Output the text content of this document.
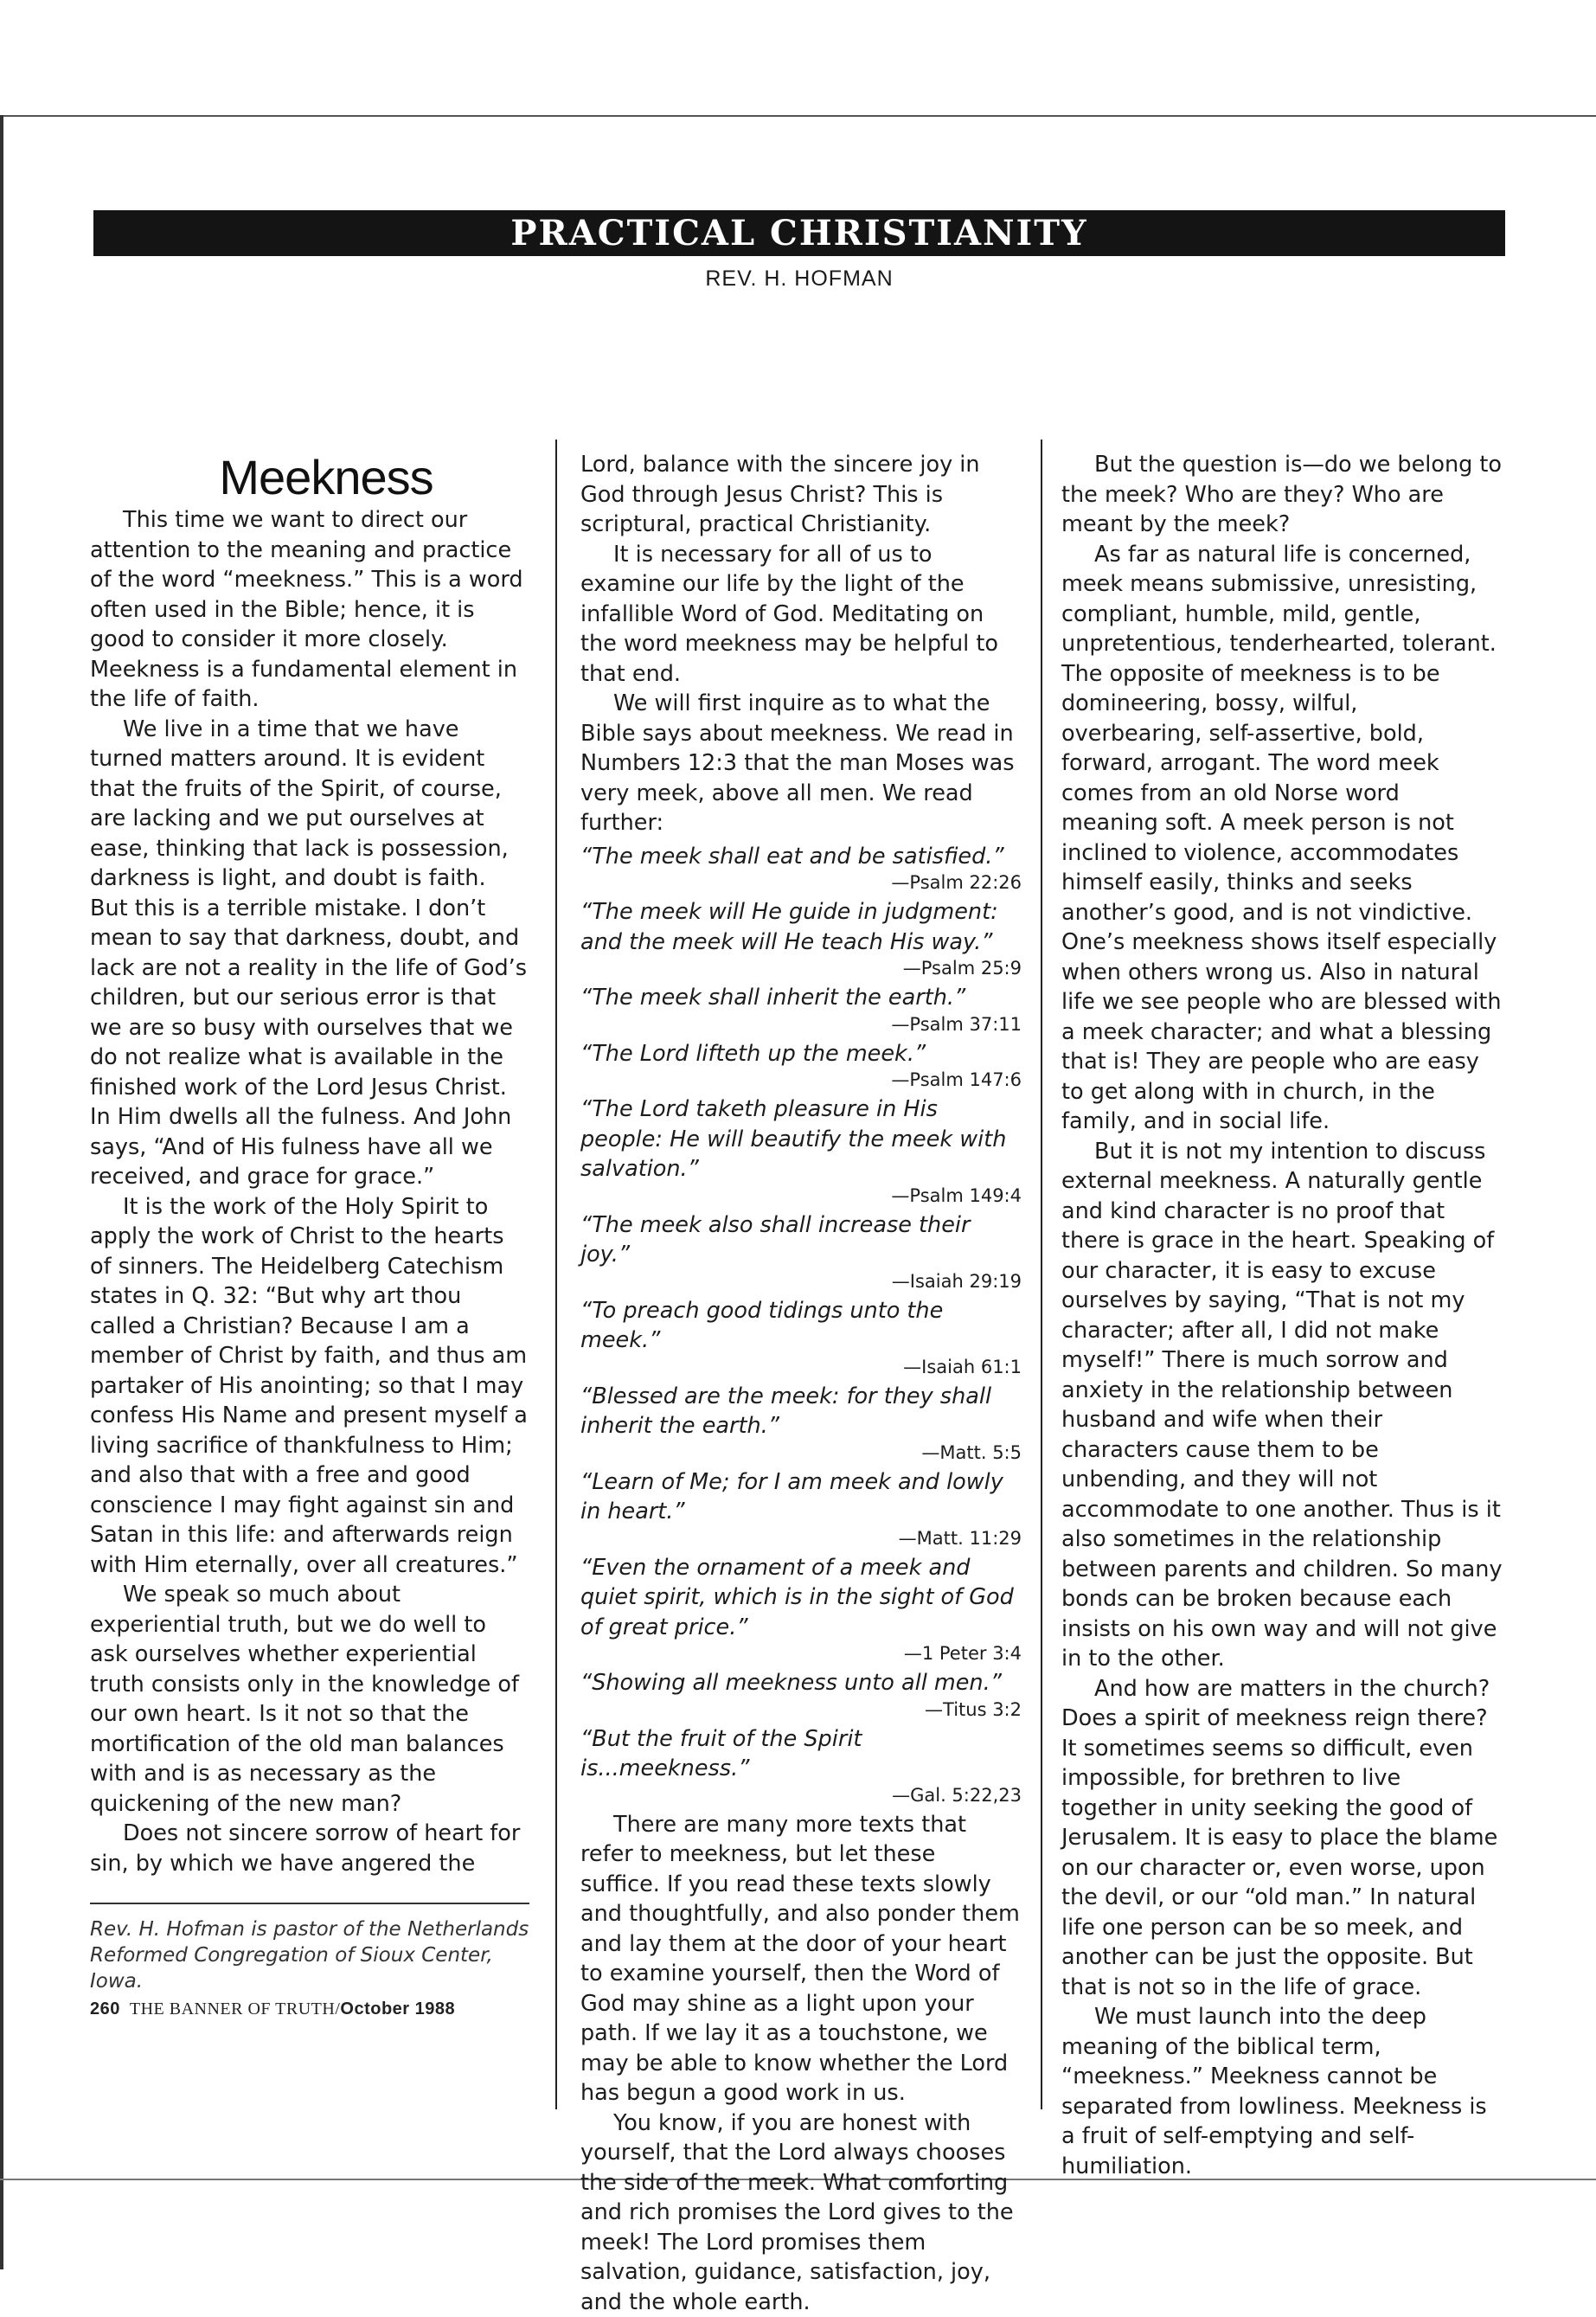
PRACTICAL CHRISTIANITY
REV. H. HOFMAN

Meekness

This time we want to direct our attention to the meaning and practice of the word “meekness.” This is a word often used in the Bible; hence, it is good to consider it more closely. Meekness is a fundamental element in the life of faith.

We live in a time that we have turned matters around. It is evident that the fruits of the Spirit, of course, are lacking and we put ourselves at ease, thinking that lack is possession, darkness is light, and doubt is faith. But this is a terrible mistake. I don’t mean to say that darkness, doubt, and lack are not a reality in the life of God’s children, but our serious error is that we are so busy with ourselves that we do not realize what is available in the finished work of the Lord Jesus Christ. In Him dwells all the fulness. And John says, “And of His fulness have all we received, and grace for grace.”

It is the work of the Holy Spirit to apply the work of Christ to the hearts of sinners. The Heidelberg Catechism states in Q. 32: “But why art thou called a Christian? Because I am a member of Christ by faith, and thus am partaker of His anointing; so that I may confess His Name and present myself a living sacrifice of thankfulness to Him; and also that with a free and good conscience I may fight against sin and Satan in this life: and afterwards reign with Him eternally, over all creatures.”

We speak so much about experiential truth, but we do well to ask ourselves whether experiential truth consists only in the knowledge of our own heart. Is it not so that the mortification of the old man balances with and is as necessary as the quickening of the new man?

Does not sincere sorrow of heart for sin, by which we have angered the

Rev. H. Hofman is pastor of the Netherlands Reformed Congregation of Sioux Center, Iowa.

260 THE BANNER OF TRUTH/October 1988

Lord, balance with the sincere joy in God through Jesus Christ? This is scriptural, practical Christianity.

It is necessary for all of us to examine our life by the light of the infallible Word of God. Meditating on the word meekness may be helpful to that end.

We will first inquire as to what the Bible says about meekness. We read in Numbers 12:3 that the man Moses was very meek, above all men. We read further:

“The meek shall eat and be satisfied.”
—Psalm 22:26
“The meek will He guide in judgment: and the meek will He teach His way.”
—Psalm 25:9
“The meek shall inherit the earth.”
—Psalm 37:11
“The Lord lifteth up the meek.”
—Psalm 147:6
“The Lord taketh pleasure in His people: He will beautify the meek with salvation.”
—Psalm 149:4
“The meek also shall increase their joy.”
—Isaiah 29:19
“To preach good tidings unto the meek.”
—Isaiah 61:1
“Blessed are the meek: for they shall inherit the earth.”
—Matt. 5:5
“Learn of Me; for I am meek and lowly in heart.”
—Matt. 11:29
“Even the ornament of a meek and quiet spirit, which is in the sight of God of great price.”
—1 Peter 3:4
“Showing all meekness unto all men.”
—Titus 3:2
“But the fruit of the Spirit is...meekness.”
—Gal. 5:22,23

There are many more texts that refer to meekness, but let these suffice. If you read these texts slowly and thoughtfully, and also ponder them and lay them at the door of your heart to examine yourself, then the Word of God may shine as a light upon your path. If we lay it as a touchstone, we may be able to know whether the Lord has begun a good work in us.

You know, if you are honest with yourself, that the Lord always chooses the side of the meek. What comforting and rich promises the Lord gives to the meek! The Lord promises them salvation, guidance, satisfaction, joy, and the whole earth.

But the question is—do we belong to the meek? Who are they? Who are meant by the meek?

As far as natural life is concerned, meek means submissive, unresisting, compliant, humble, mild, gentle, unpretentious, tenderhearted, tolerant. The opposite of meekness is to be domineering, bossy, wilful, overbearing, self-assertive, bold, forward, arrogant. The word meek comes from an old Norse word meaning soft. A meek person is not inclined to violence, accommodates himself easily, thinks and seeks another’s good, and is not vindictive. One’s meekness shows itself especially when others wrong us. Also in natural life we see people who are blessed with a meek character; and what a blessing that is! They are people who are easy to get along with in church, in the family, and in social life.

But it is not my intention to discuss external meekness. A naturally gentle and kind character is no proof that there is grace in the heart. Speaking of our character, it is easy to excuse ourselves by saying, “That is not my character; after all, I did not make myself!” There is much sorrow and anxiety in the relationship between husband and wife when their characters cause them to be unbending, and they will not accommodate to one another. Thus is it also sometimes in the relationship between parents and children. So many bonds can be broken because each insists on his own way and will not give in to the other.

And how are matters in the church? Does a spirit of meekness reign there? It sometimes seems so difficult, even impossible, for brethren to live together in unity seeking the good of Jerusalem. It is easy to place the blame on our character or, even worse, upon the devil, or our “old man.” In natural life one person can be so meek, and another can be just the opposite. But that is not so in the life of grace.

We must launch into the deep meaning of the biblical term, “meekness.” Meekness cannot be separated from lowliness. Meekness is a fruit of self-emptying and self-humiliation.
